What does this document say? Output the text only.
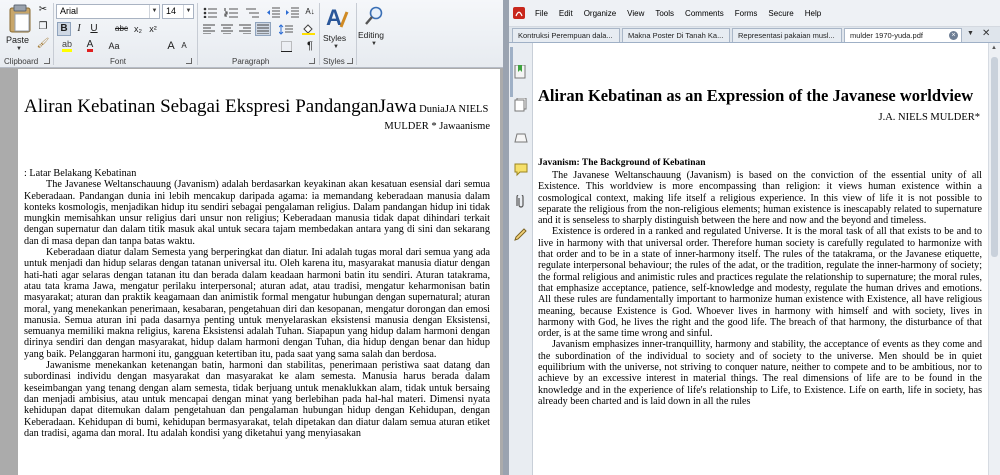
Paste
▼
✂
❐
🖌
Clipboard
Arial	▼ 14	▼
B I U	abc x₂ x²
ab A	Aa	A A
Font
A↓
¶
Paragraph
A
Styles
▼
Styles
Editing
▼
Aliran Kebatinan Sebagai Ekspresi PandanganJawa DuniaJA NIELS
MULDER * Jawaanisme

: Latar Belakang Kebatinan

The Javanese Weltanschauung (Javanism) adalah berdasarkan keyakinan akan kesatuan esensial dari semua Keberadaan. Pandangan dunia ini lebih mencakup daripada agama: ia memandang keberadaan manusia dalam konteks kosmologis, menjadikan hidup itu sendiri sebagai pengalaman religius. Dalam pandangan hidup ini tidak mungkin memisahkan unsur religius dari unsur non religius; Keberadaan manusia tidak dapat dihindari terkait dengan supernatur dan dalam titik masuk akal untuk secara tajam membedakan antara yang di sini dan sekarang dan di masa depan dan tanpa batas waktu.

Keberadaan diatur dalam Semesta yang berperingkat dan diatur. Ini adalah tugas moral dari semua yang ada untuk menjadi dan hidup selaras dengan tatanan universal itu. Oleh karena itu, masyarakat manusia diatur dengan hati-hati agar selaras dengan tatanan itu dan berada dalam keadaan harmoni batin itu sendiri. Aturan tatakrama, atau tata krama Jawa, mengatur perilaku interpersonal; aturan adat, atau tradisi, mengatur keharmonisan batin masyarakat; aturan dan praktik keagamaan dan animistik formal mengatur hubungan dengan supernatural; aturan moral, yang menekankan penerimaan, kesabaran, pengetahuan diri dan kesopanan, mengatur dorongan dan emosi manusia. Semua aturan ini pada dasarnya penting untuk menyelaraskan eksistensi manusia dengan Eksistensi, semuanya memiliki makna religius, karena Eksistensi adalah Tuhan. Siapapun yang hidup dalam harmoni dengan dirinya sendiri dan dengan masyarakat, hidup dalam harmoni dengan Tuhan, dia hidup dengan benar dan hidup yang baik. Pelanggaran harmoni itu, gangguan ketertiban itu, pada saat yang sama salah dan berdosa.

Jawanisme menekankan ketenangan batin, harmoni dan stabilitas, penerimaan peristiwa saat datang dan subordinasi individu dengan masyarakat dan masyarakat ke alam semesta. Manusia harus berada dalam keseimbangan yang tenang dengan alam semesta, tidak berjuang untuk menaklukkan alam, tidak untuk bersaing dan menjadi ambisius, atau untuk mencapai dengan minat yang berlebihan pada hal-hal materi. Dimensi nyata kehidupan dapat ditemukan dalam pengetahuan dan pengalaman hubungan hidup dengan Kehidupan, dengan Keberadaan. Kehidupan di bumi, kehidupan bermasyarakat, telah dipetakan dan diatur dalam semua aturan etiket dan tradisi, agama dan moral. Itu adalah kondisi yang diketahui yang menyiasakan

File Edit Organize View Tools Comments Forms Secure Help
Kontruksi Perempuan dala...	Makna Poster Di Tanah Ka...	Representasi pakaian musl...	mulder 1970-yuda.pdf	×	▼ ✕
Aliran Kebatinan as an Expression of the Javanese worldview
J.A. NIELS MULDER*
Javanism: The Background of Kebatinan

The Javanese Weltanschauung (Javanism) is based on the conviction of the essential unity of all Existence. This worldview is more encompassing than religion: it views human existence within a cosmological context, making life itself a religious experience. In this view of life it is not possible to separate the religious from the non-religious elements; human existence is inescapably related to supernature and it is senseless to sharply distinguish between the here and now and the beyond and timeless.

Existence is ordered in a ranked and regulated Universe. It is the moral task of all that exists to be and to live in harmony with that universal order. Therefore human society is carefully regulated to harmonize with that order and to be in a state of inner-harmony itself. The rules of the tatakrama, or the Javanese etiquette, regulate interpersonal behaviour; the rules of the adat, or the tradition, regulate the inner-harmony of society; the formal religious and animistic rules and practices regulate the relationship to supernature; the moral rules, that emphasize acceptance, patience, self-knowledge and modesty, regulate the human drives and emotions. All these rules are fundamentally important to harmonize human existence with Existence, all have religious meaning, because Existence is God. Whoever lives in harmony with himself and with society, lives in harmony with God, he lives the right and the good life. The breach of that harmony, the disturbance of that order, is at the same time wrong and sinful.

Javanism emphasizes inner-tranquillity, harmony and stability, the acceptance of events as they come and the subordination of the individual to society and of society to the universe. Men should be in quiet equilibrium with the universe, not striving to conquer nature, neither to compete and to be ambitious, nor to achieve by an excessive interest in material things. The real dimensions of life are to be found in the knowledge and in the experience of life's relationship to Life, to Existence. Life on earth, life in society, has already been charted and is laid down in all the rules

▲
